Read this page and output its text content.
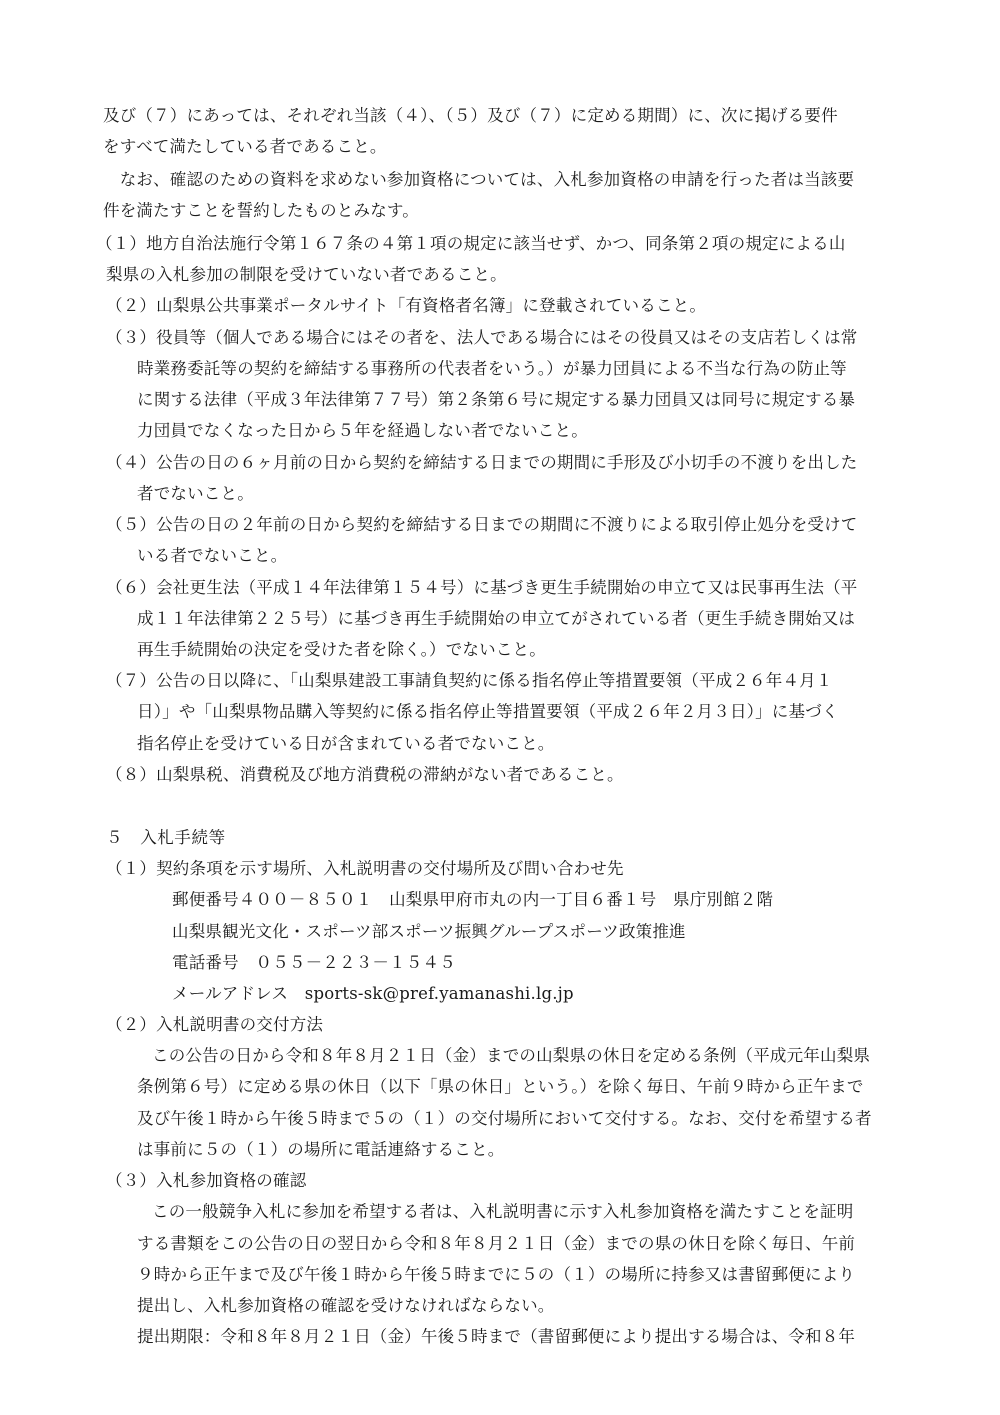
及び（７）にあっては、それぞれ当該（４）、（５）及び（７）に定める期間）に、次に掲げる要件
をすべて満たしている者であること。
　なお、確認のための資料を求めない参加資格については、入札参加資格の申請を行った者は当該要
件を満たすことを誓約したものとみなす。
（１）地方自治法施行令第１６７条の４第１項の規定に該当せず、かつ、同条第２項の規定による山
梨県の入札参加の制限を受けていない者であること。
（２）山梨県公共事業ポータルサイト「有資格者名簿」に登載されていること。
（３）役員等（個人である場合にはその者を、法人である場合にはその役員又はその支店若しくは常
時業務委託等の契約を締結する事務所の代表者をいう。）が暴力団員による不当な行為の防止等
に関する法律（平成３年法律第７７号）第２条第６号に規定する暴力団員又は同号に規定する暴
力団員でなくなった日から５年を経過しない者でないこと。
（４）公告の日の６ヶ月前の日から契約を締結する日までの期間に手形及び小切手の不渡りを出した
者でないこと。
（５）公告の日の２年前の日から契約を締結する日までの期間に不渡りによる取引停止処分を受けて
いる者でないこと。
（６）会社更生法（平成１４年法律第１５４号）に基づき更生手続開始の申立て又は民事再生法（平
成１１年法律第２２５号）に基づき再生手続開始の申立てがされている者（更生手続き開始又は
再生手続開始の決定を受けた者を除く。）でないこと。
（７）公告の日以降に、「山梨県建設工事請負契約に係る指名停止等措置要領（平成２６年４月１
日）」や「山梨県物品購入等契約に係る指名停止等措置要領（平成２６年２月３日）」に基づく
指名停止を受けている日が含まれている者でないこと。
（８）山梨県税、消費税及び地方消費税の滞納がない者であること。
５　入札手続等
（１）契約条項を示す場所、入札説明書の交付場所及び問い合わせ先
郵便番号４００－８５０１　山梨県甲府市丸の内一丁目６番１号　県庁別館２階
山梨県観光文化・スポーツ部スポーツ振興グループスポーツ政策推進
電話番号　０５５－２２３－１５４５
メールアドレス　sports-sk@pref.yamanashi.lg.jp
（２）入札説明書の交付方法
この公告の日から令和８年８月２１日（金）までの山梨県の休日を定める条例（平成元年山梨県
条例第６号）に定める県の休日（以下「県の休日」という。）を除く毎日、午前９時から正午まで
及び午後１時から午後５時まで５の（１）の交付場所において交付する。なお、交付を希望する者
は事前に５の（１）の場所に電話連絡すること。
（３）入札参加資格の確認
この一般競争入札に参加を希望する者は、入札説明書に示す入札参加資格を満たすことを証明
する書類をこの公告の日の翌日から令和８年８月２１日（金）までの県の休日を除く毎日、午前
９時から正午まで及び午後１時から午後５時までに５の（１）の場所に持参又は書留郵便により
提出し、入札参加資格の確認を受けなければならない。
提出期限：令和８年８月２１日（金）午後５時まで（書留郵便により提出する場合は、令和８年
